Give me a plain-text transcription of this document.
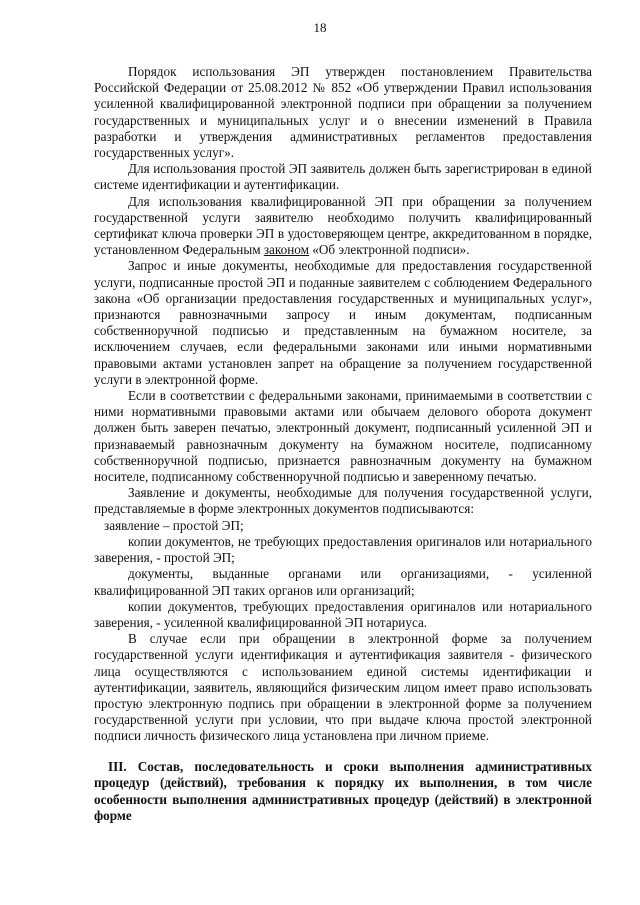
18

Порядок использования ЭП утвержден постановлением Правительства Российской Федерации от 25.08.2012 № 852 «Об утверждении Правил использования усиленной квалифицированной электронной подписи при обращении за получением государственных и муниципальных услуг и о внесении изменений в Правила разработки и утверждения административных регламентов предоставления государственных услуг».

Для использования простой ЭП заявитель должен быть зарегистрирован в единой системе идентификации и аутентификации.

Для использования квалифицированной ЭП при обращении за получением государственной услуги заявителю необходимо получить квалифицированный сертификат ключа проверки ЭП в удостоверяющем центре, аккредитованном в порядке, установленном Федеральным законом «Об электронной подписи».

Запрос и иные документы, необходимые для предоставления государственной услуги, подписанные простой ЭП и поданные заявителем с соблюдением Федерального закона «Об организации предоставления государственных и муниципальных услуг», признаются равнозначными запросу и иным документам, подписанным собственноручной подписью и представленным на бумажном носителе, за исключением случаев, если федеральными законами или иными нормативными правовыми актами установлен запрет на обращение за получением государственной услуги в электронной форме.

Если в соответствии с федеральными законами, принимаемыми в соответствии с ними нормативными правовыми актами или обычаем делового оборота документ должен быть заверен печатью, электронный документ, подписанный усиленной ЭП и признаваемый равнозначным документу на бумажном носителе, подписанному собственноручной подписью, признается равнозначным документу на бумажном носителе, подписанному собственноручной подписью и заверенному печатью.

Заявление и документы, необходимые для получения государственной услуги, представляемые в форме электронных документов подписываются:

заявление – простой ЭП;

копии документов, не требующих предоставления оригиналов или нотариального заверения, - простой ЭП;

документы, выданные органами или организациями, - усиленной квалифицированной ЭП таких органов или организаций;

копии документов, требующих предоставления оригиналов или нотариального заверения, - усиленной квалифицированной ЭП нотариуса.

В случае если при обращении в электронной форме за получением государственной услуги идентификация и аутентификация заявителя - физического лица осуществляются с использованием единой системы идентификации и аутентификации, заявитель, являющийся физическим лицом имеет право использовать простую электронную подпись при обращении в электронной форме за получением государственной услуги при условии, что при выдаче ключа простой электронной подписи личность физического лица установлена при личном приеме.

III. Состав, последовательность и сроки выполнения административных процедур (действий), требования к порядку их выполнения, в том числе особенности выполнения административных процедур (действий) в электронной форме
